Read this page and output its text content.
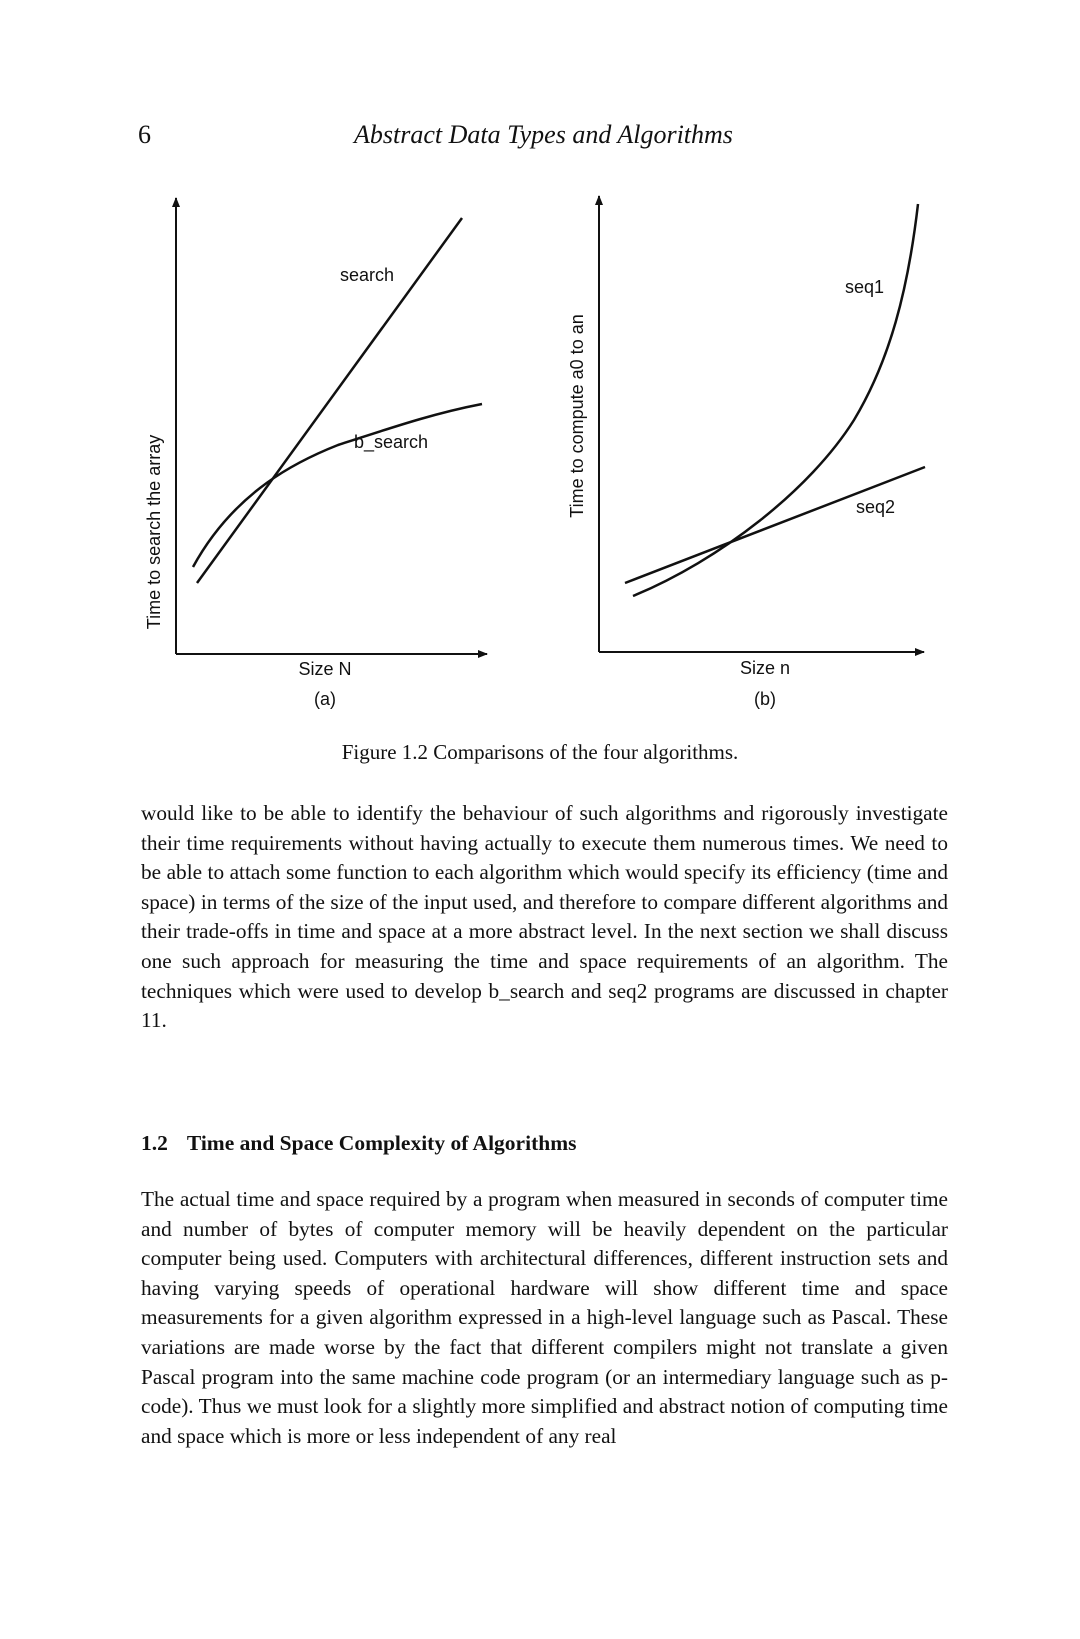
6	Abstract Data Types and Algorithms
Time to search the array
Size N
(a)
search
b_search	Time to compute a0 to an
Size n
(b)
seq1
seq2
Figure 1.2 Comparisons of the four algorithms.

would like to be able to identify the behaviour of such algorithms and rigorously investigate their time requirements without having actually to execute them numerous times. We need to be able to attach some function to each algorithm which would specify its efficiency (time and space) in terms of the size of the input used, and therefore to compare different algorithms and their trade-offs in time and space at a more abstract level. In the next section we shall discuss one such approach for measuring the time and space requirements of an algorithm. The techniques which were used to develop b_search and seq2 programs are discussed in chapter 11.

1.2 Time and Space Complexity of Algorithms

The actual time and space required by a program when measured in seconds of computer time and number of bytes of computer memory will be heavily dependent on the particular computer being used. Computers with architectural differences, different instruction sets and having varying speeds of operational hardware will show different time and space measurements for a given algorithm expressed in a high-level language such as Pascal. These variations are made worse by the fact that different compilers might not translate a given Pascal program into the same machine code program (or an intermediary language such as p-code). Thus we must look for a slightly more simplified and abstract notion of computing time and space which is more or less independent of any real
